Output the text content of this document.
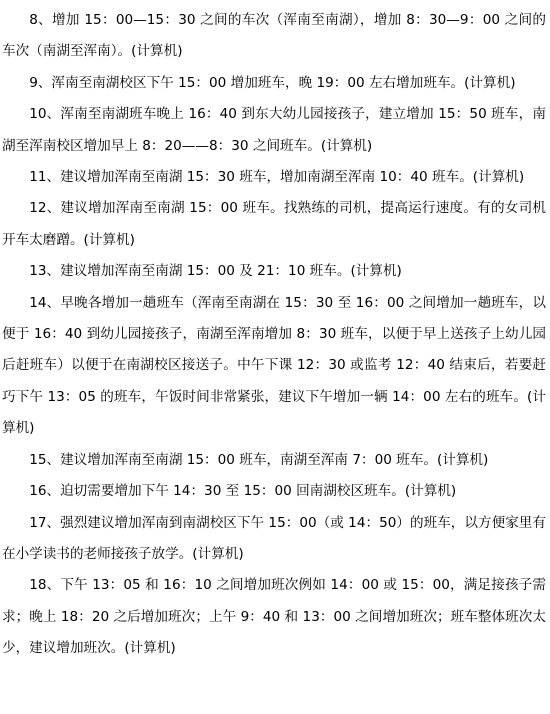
8、增加 15：00—15：30 之间的车次（浑南至南湖），增加 8：30—9：00 之间的车次（南湖至浑南）。(计算机)

9、浑南至南湖校区下午 15：00 增加班车，晚 19：00 左右增加班车。(计算机)

10、浑南至南湖班车晚上 16：40 到东大幼儿园接孩子，建立增加 15：50 班车，南湖至浑南校区增加早上 8：20——8：30 之间班车。(计算机)

11、建议增加浑南至南湖 15：30 班车，增加南湖至浑南 10：40 班车。(计算机)

12、建议增加浑南至南湖 15：00 班车。找熟练的司机，提高运行速度。有的女司机开车太磨蹭。(计算机)

13、建议增加浑南至南湖 15：00 及 21：10 班车。(计算机)

14、早晚各增加一趟班车（浑南至南湖在 15：30 至 16：00 之间增加一趟班车，以便于 16：40 到幼儿园接孩子，南湖至浑南增加 8：30 班车，以便于早上送孩子上幼儿园后赶班车）以便于在南湖校区接送子。中午下课 12：30 或监考 12：40 结束后，若要赶巧下午 13：05 的班车，午饭时间非常紧张，建议下午增加一辆 14：00 左右的班车。(计算机)

15、建议增加浑南至南湖 15：00 班车，南湖至浑南 7：00 班车。(计算机)

16、迫切需要增加下午 14：30 至 15：00 回南湖校区班车。(计算机)

17、强烈建议增加浑南到南湖校区下午 15：00（或 14：50）的班车，以方便家里有在小学读书的老师接孩子放学。(计算机)

18、下午 13：05 和 16：10 之间增加班次例如 14：00 或 15：00，满足接孩子需求；晚上 18：20 之后增加班次；上午 9：40 和 13：00 之间增加班次；班车整体班次太少，建议增加班次。(计算机)
